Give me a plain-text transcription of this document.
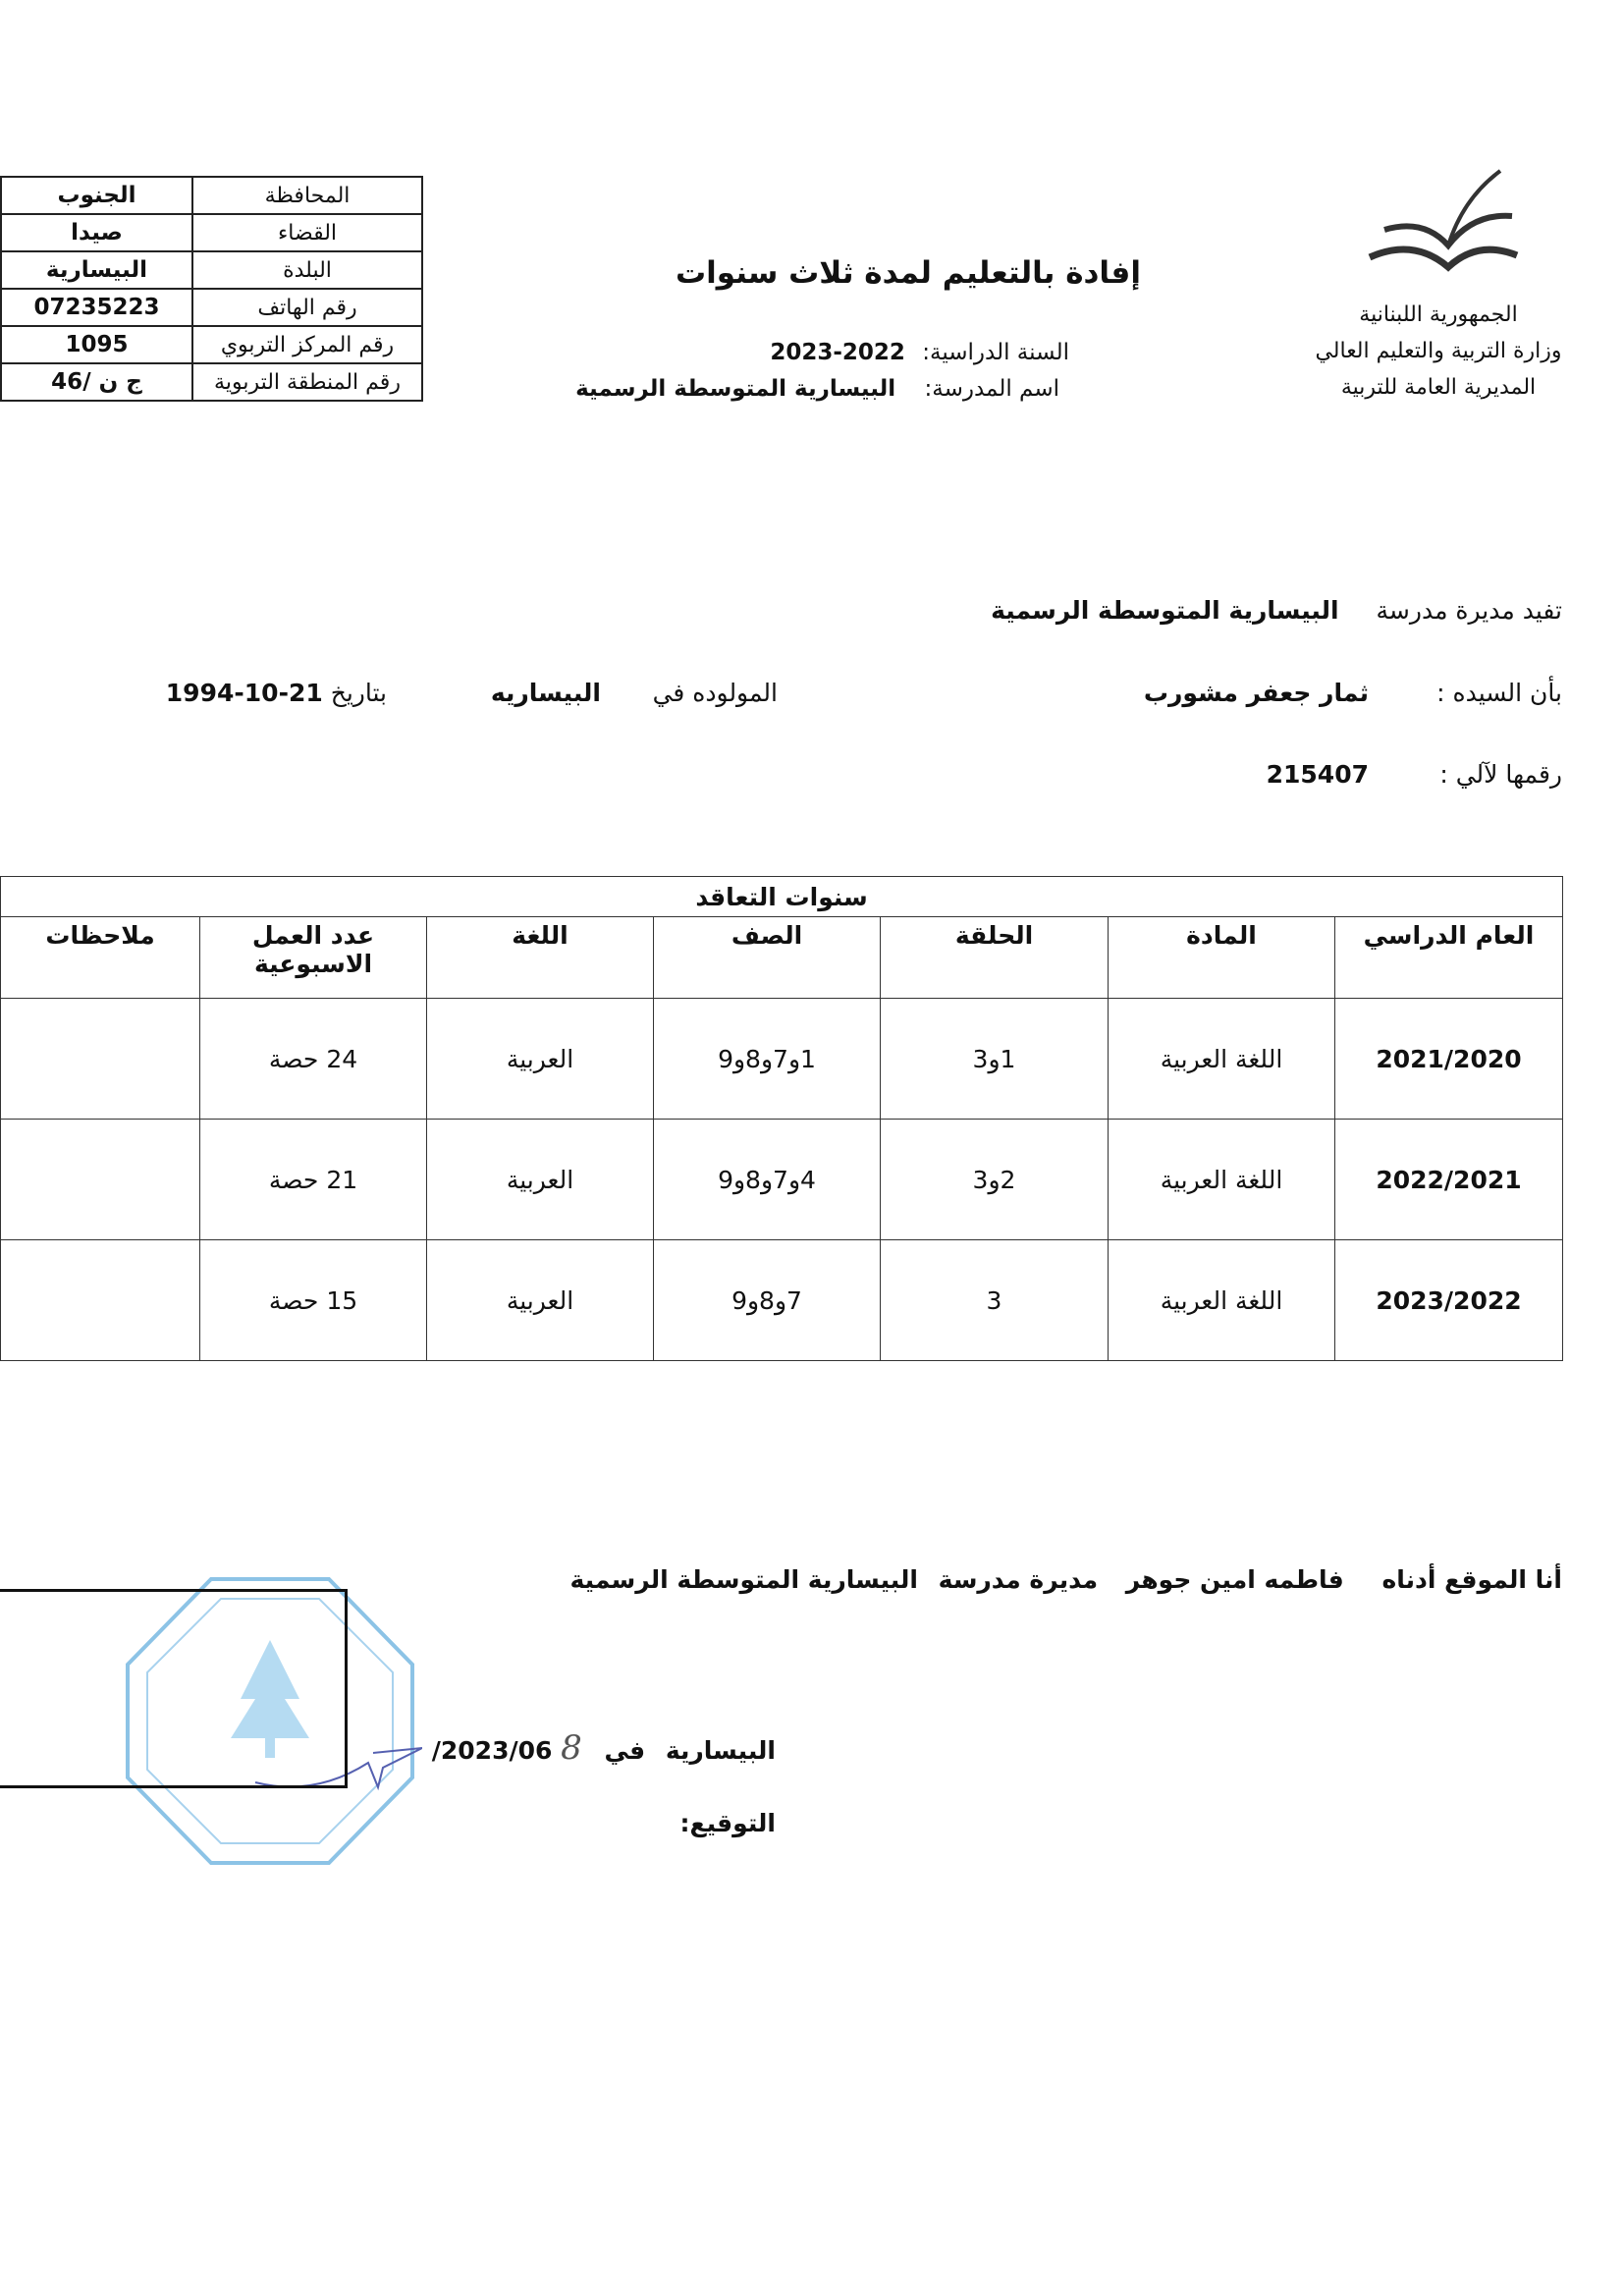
الجمهورية اللبنانية
وزارة التربية والتعليم العالي
المديرية العامة للتربية
إفادة بالتعليم لمدة ثلاث سنوات
السنة الدراسية: 2022-2023
اسم المدرسة: البيسارية المتوسطة الرسمية
المحافظة	الجنوب
القضاء	صيدا
البلدة	البيسارية
رقم الهاتف	07235223
رقم المركز التربوي	1095
رقم المنطقة التربوية	ج ن /46
تفيد مديرة مدرسة البيسارية المتوسطة الرسمية
بأن السيده :
ثمار جعفر مشورب
المولوده في
البيساريه
بتاريخ 21-10-1994
رقمها لآلي :
215407
سنوات التعاقد						
العام الدراسي	المادة	الحلقة	الصف	اللغة	عدد العمل الاسبوعية	ملاحظات
2021/2020	اللغة العربية	1و3	1و7و8و9	العربية	24 حصة	
2022/2021	اللغة العربية	2و3	4و7و8و9	العربية	21 حصة	
2023/2022	اللغة العربية	3	7و8و9	العربية	15 حصة	
أنا الموقع أدناه فاطمه امين جوهر مديرة مدرسة البيسارية المتوسطة الرسمية
البيسارية في 8 /2023/06
التوقيع:
